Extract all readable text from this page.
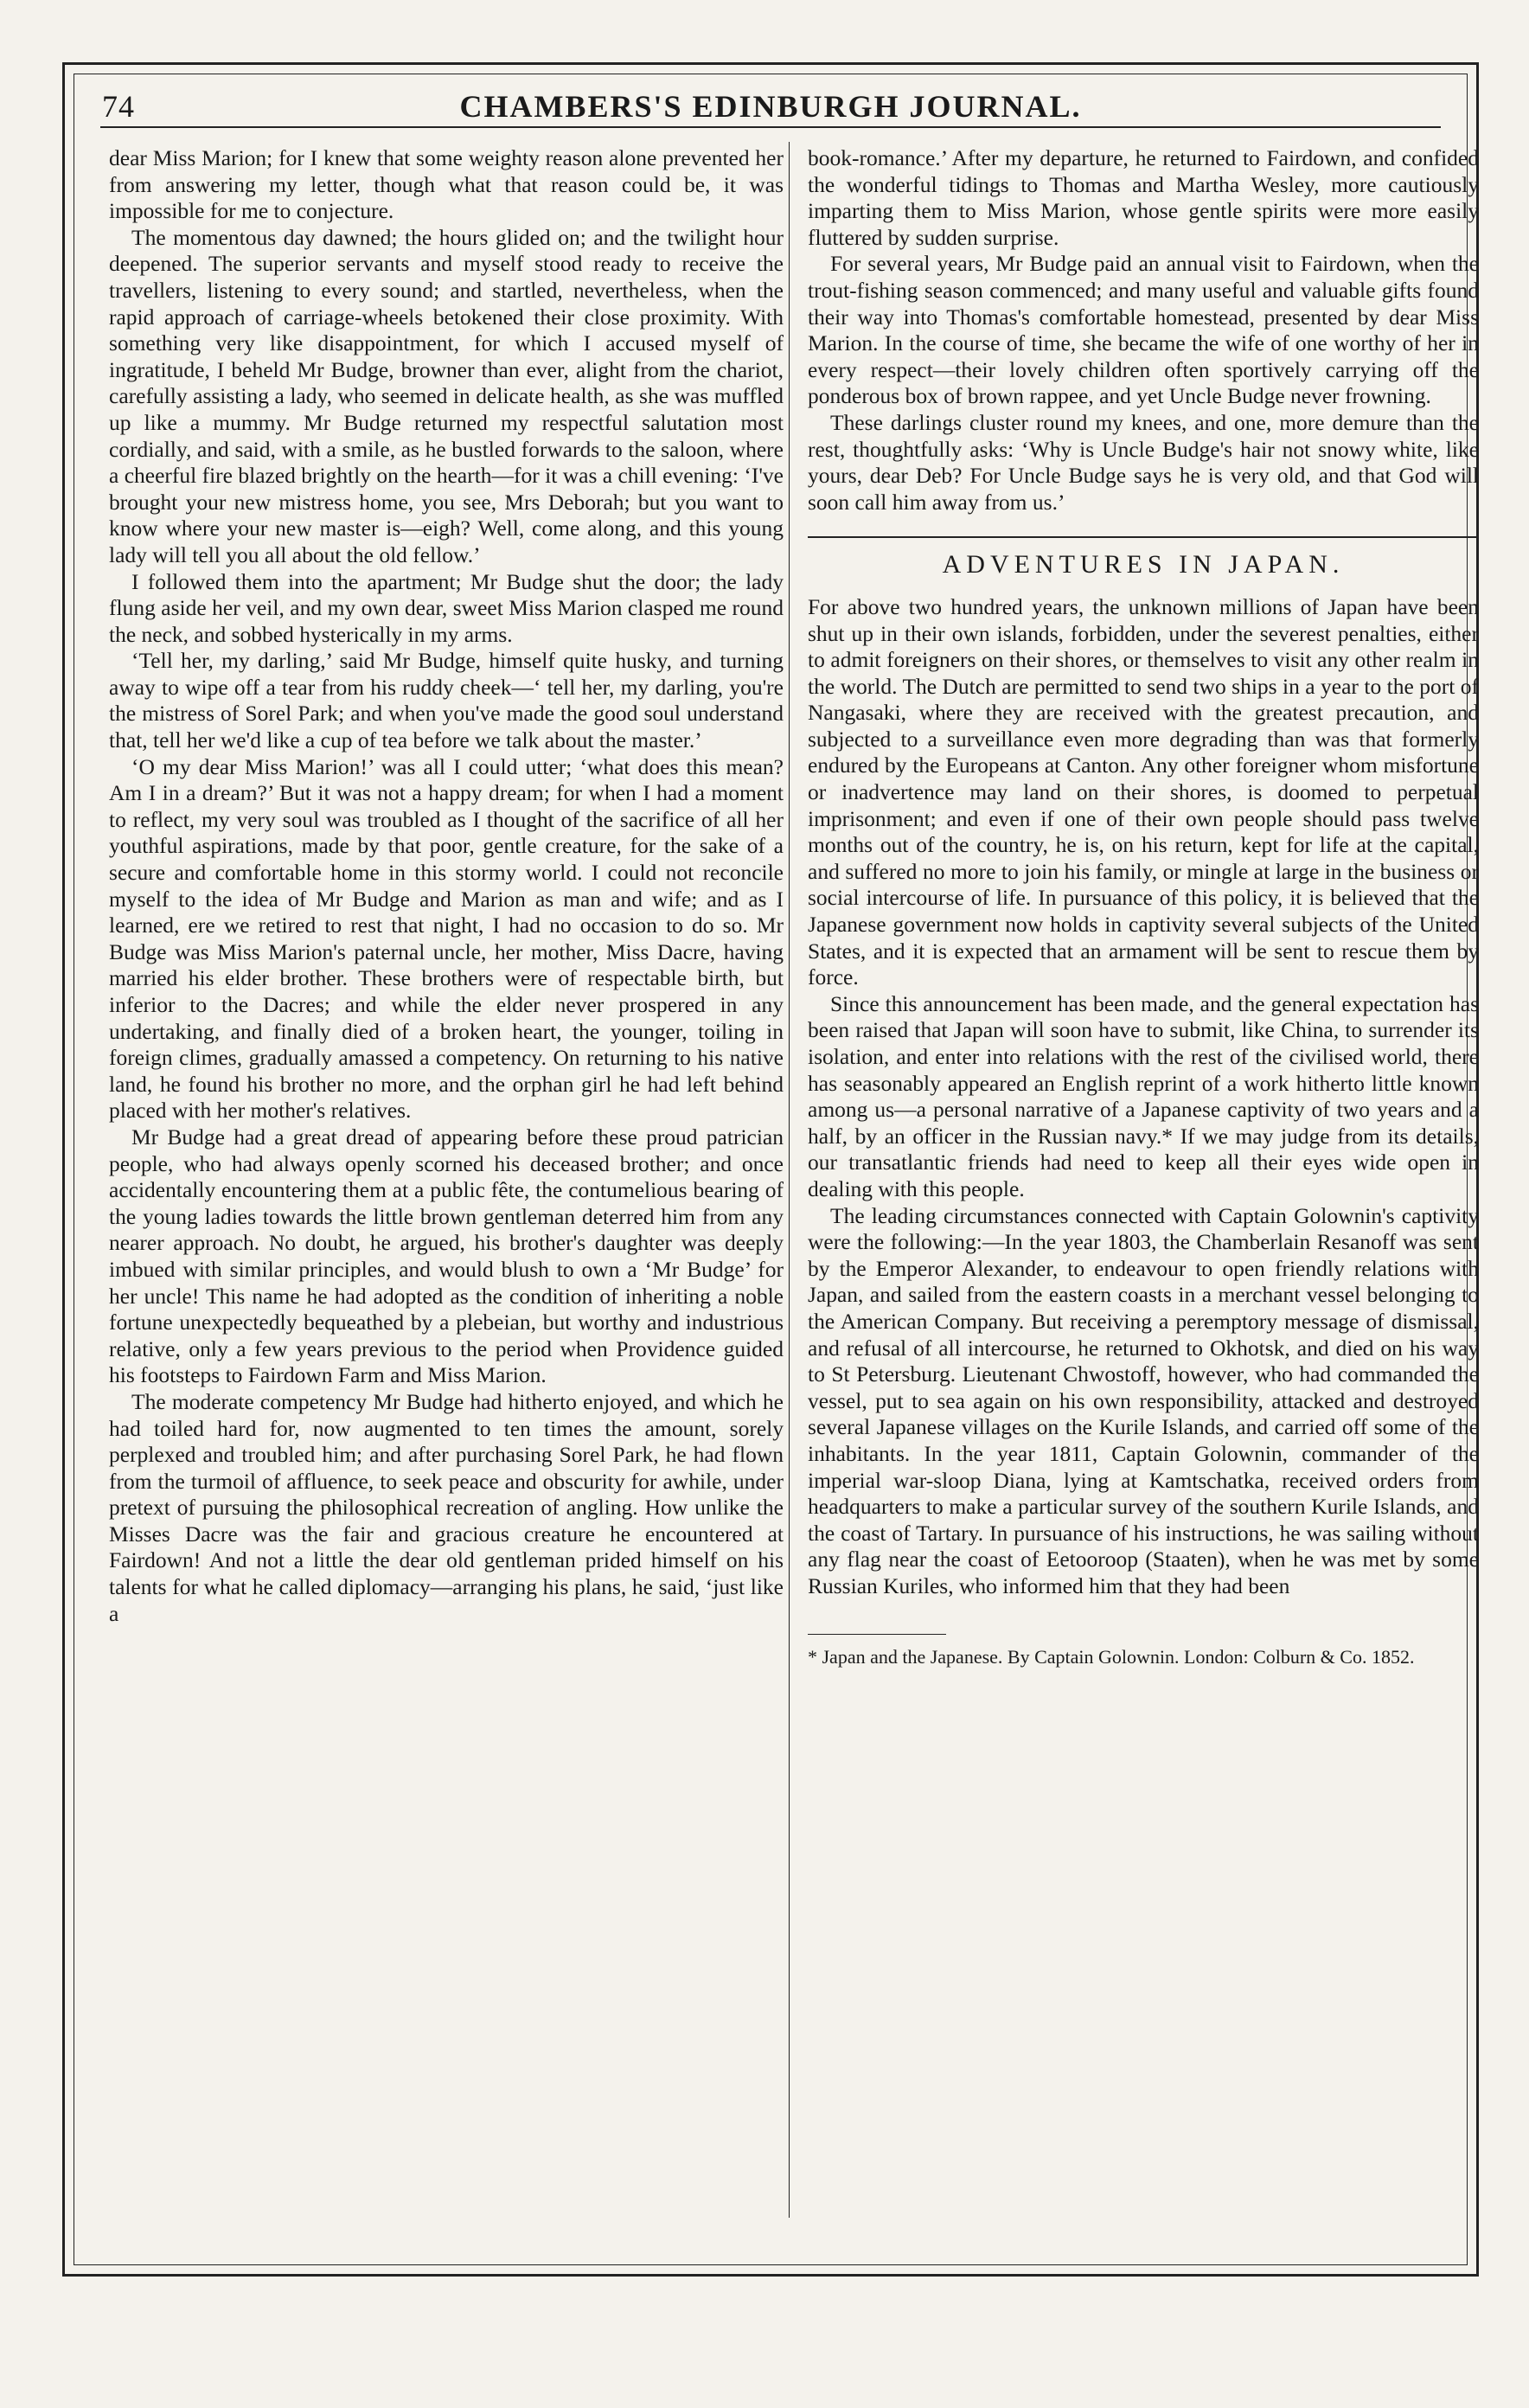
74	CHAMBERS'S EDINBURGH JOURNAL.

dear Miss Marion; for I knew that some weighty reason alone prevented her from answering my letter, though what that reason could be, it was impossible for me to conjecture.

The momentous day dawned; the hours glided on; and the twilight hour deepened. The superior servants and myself stood ready to receive the travellers, listening to every sound; and startled, nevertheless, when the rapid approach of carriage-wheels betokened their close proximity. With something very like disappointment, for which I accused myself of ingratitude, I beheld Mr Budge, browner than ever, alight from the chariot, carefully assisting a lady, who seemed in delicate health, as she was muffled up like a mummy. Mr Budge returned my respectful salutation most cordially, and said, with a smile, as he bustled forwards to the saloon, where a cheerful fire blazed brightly on the hearth—for it was a chill evening: ‘I've brought your new mistress home, you see, Mrs Deborah; but you want to know where your new master is—eigh? Well, come along, and this young lady will tell you all about the old fellow.’

I followed them into the apartment; Mr Budge shut the door; the lady flung aside her veil, and my own dear, sweet Miss Marion clasped me round the neck, and sobbed hysterically in my arms.

‘Tell her, my darling,’ said Mr Budge, himself quite husky, and turning away to wipe off a tear from his ruddy cheek—‘ tell her, my darling, you're the mistress of Sorel Park; and when you've made the good soul understand that, tell her we'd like a cup of tea before we talk about the master.’

‘O my dear Miss Marion!’ was all I could utter; ‘what does this mean? Am I in a dream?’ But it was not a happy dream; for when I had a moment to reflect, my very soul was troubled as I thought of the sacrifice of all her youthful aspirations, made by that poor, gentle creature, for the sake of a secure and comfortable home in this stormy world. I could not reconcile myself to the idea of Mr Budge and Marion as man and wife; and as I learned, ere we retired to rest that night, I had no occasion to do so. Mr Budge was Miss Marion's paternal uncle, her mother, Miss Dacre, having married his elder brother. These brothers were of respectable birth, but inferior to the Dacres; and while the elder never prospered in any undertaking, and finally died of a broken heart, the younger, toiling in foreign climes, gradually amassed a competency. On returning to his native land, he found his brother no more, and the orphan girl he had left behind placed with her mother's relatives.

Mr Budge had a great dread of appearing before these proud patrician people, who had always openly scorned his deceased brother; and once accidentally encountering them at a public fête, the contumelious bearing of the young ladies towards the little brown gentleman deterred him from any nearer approach. No doubt, he argued, his brother's daughter was deeply imbued with similar principles, and would blush to own a ‘Mr Budge’ for her uncle! This name he had adopted as the condition of inheriting a noble fortune unexpectedly bequeathed by a plebeian, but worthy and industrious relative, only a few years previous to the period when Providence guided his footsteps to Fairdown Farm and Miss Marion.

The moderate competency Mr Budge had hitherto enjoyed, and which he had toiled hard for, now augmented to ten times the amount, sorely perplexed and troubled him; and after purchasing Sorel Park, he had flown from the turmoil of affluence, to seek peace and obscurity for awhile, under pretext of pursuing the philosophical recreation of angling. How unlike the Misses Dacre was the fair and gracious creature he encountered at Fairdown! And not a little the dear old gentleman prided himself on his talents for what he called diplomacy—arranging his plans, he said, ‘just like a

book-romance.’ After my departure, he returned to Fairdown, and confided the wonderful tidings to Thomas and Martha Wesley, more cautiously imparting them to Miss Marion, whose gentle spirits were more easily fluttered by sudden surprise.

For several years, Mr Budge paid an annual visit to Fairdown, when the trout-fishing season commenced; and many useful and valuable gifts found their way into Thomas's comfortable homestead, presented by dear Miss Marion. In the course of time, she became the wife of one worthy of her in every respect—their lovely children often sportively carrying off the ponderous box of brown rappee, and yet Uncle Budge never frowning.

These darlings cluster round my knees, and one, more demure than the rest, thoughtfully asks: ‘Why is Uncle Budge's hair not snowy white, like yours, dear Deb? For Uncle Budge says he is very old, and that God will soon call him away from us.’

ADVENTURES IN JAPAN.

For above two hundred years, the unknown millions of Japan have been shut up in their own islands, forbidden, under the severest penalties, either to admit foreigners on their shores, or themselves to visit any other realm in the world. The Dutch are permitted to send two ships in a year to the port of Nangasaki, where they are received with the greatest precaution, and subjected to a surveillance even more degrading than was that formerly endured by the Europeans at Canton. Any other foreigner whom misfortune or inadvertence may land on their shores, is doomed to perpetual imprisonment; and even if one of their own people should pass twelve months out of the country, he is, on his return, kept for life at the capital, and suffered no more to join his family, or mingle at large in the business or social intercourse of life. In pursuance of this policy, it is believed that the Japanese government now holds in captivity several subjects of the United States, and it is expected that an armament will be sent to rescue them by force.

Since this announcement has been made, and the general expectation has been raised that Japan will soon have to submit, like China, to surrender its isolation, and enter into relations with the rest of the civilised world, there has seasonably appeared an English reprint of a work hitherto little known among us—a personal narrative of a Japanese captivity of two years and a half, by an officer in the Russian navy.* If we may judge from its details, our transatlantic friends had need to keep all their eyes wide open in dealing with this people.

The leading circumstances connected with Captain Golownin's captivity were the following:—In the year 1803, the Chamberlain Resanoff was sent by the Emperor Alexander, to endeavour to open friendly relations with Japan, and sailed from the eastern coasts in a merchant vessel belonging to the American Company. But receiving a peremptory message of dismissal, and refusal of all intercourse, he returned to Okhotsk, and died on his way to St Petersburg. Lieutenant Chwostoff, however, who had commanded the vessel, put to sea again on his own responsibility, attacked and destroyed several Japanese villages on the Kurile Islands, and carried off some of the inhabitants. In the year 1811, Captain Golownin, commander of the imperial war-sloop Diana, lying at Kamtschatka, received orders from headquarters to make a particular survey of the southern Kurile Islands, and the coast of Tartary. In pursuance of his instructions, he was sailing without any flag near the coast of Eetooroop (Staaten), when he was met by some Russian Kuriles, who informed him that they had been

* Japan and the Japanese. By Captain Golownin. London: Colburn & Co. 1852.
